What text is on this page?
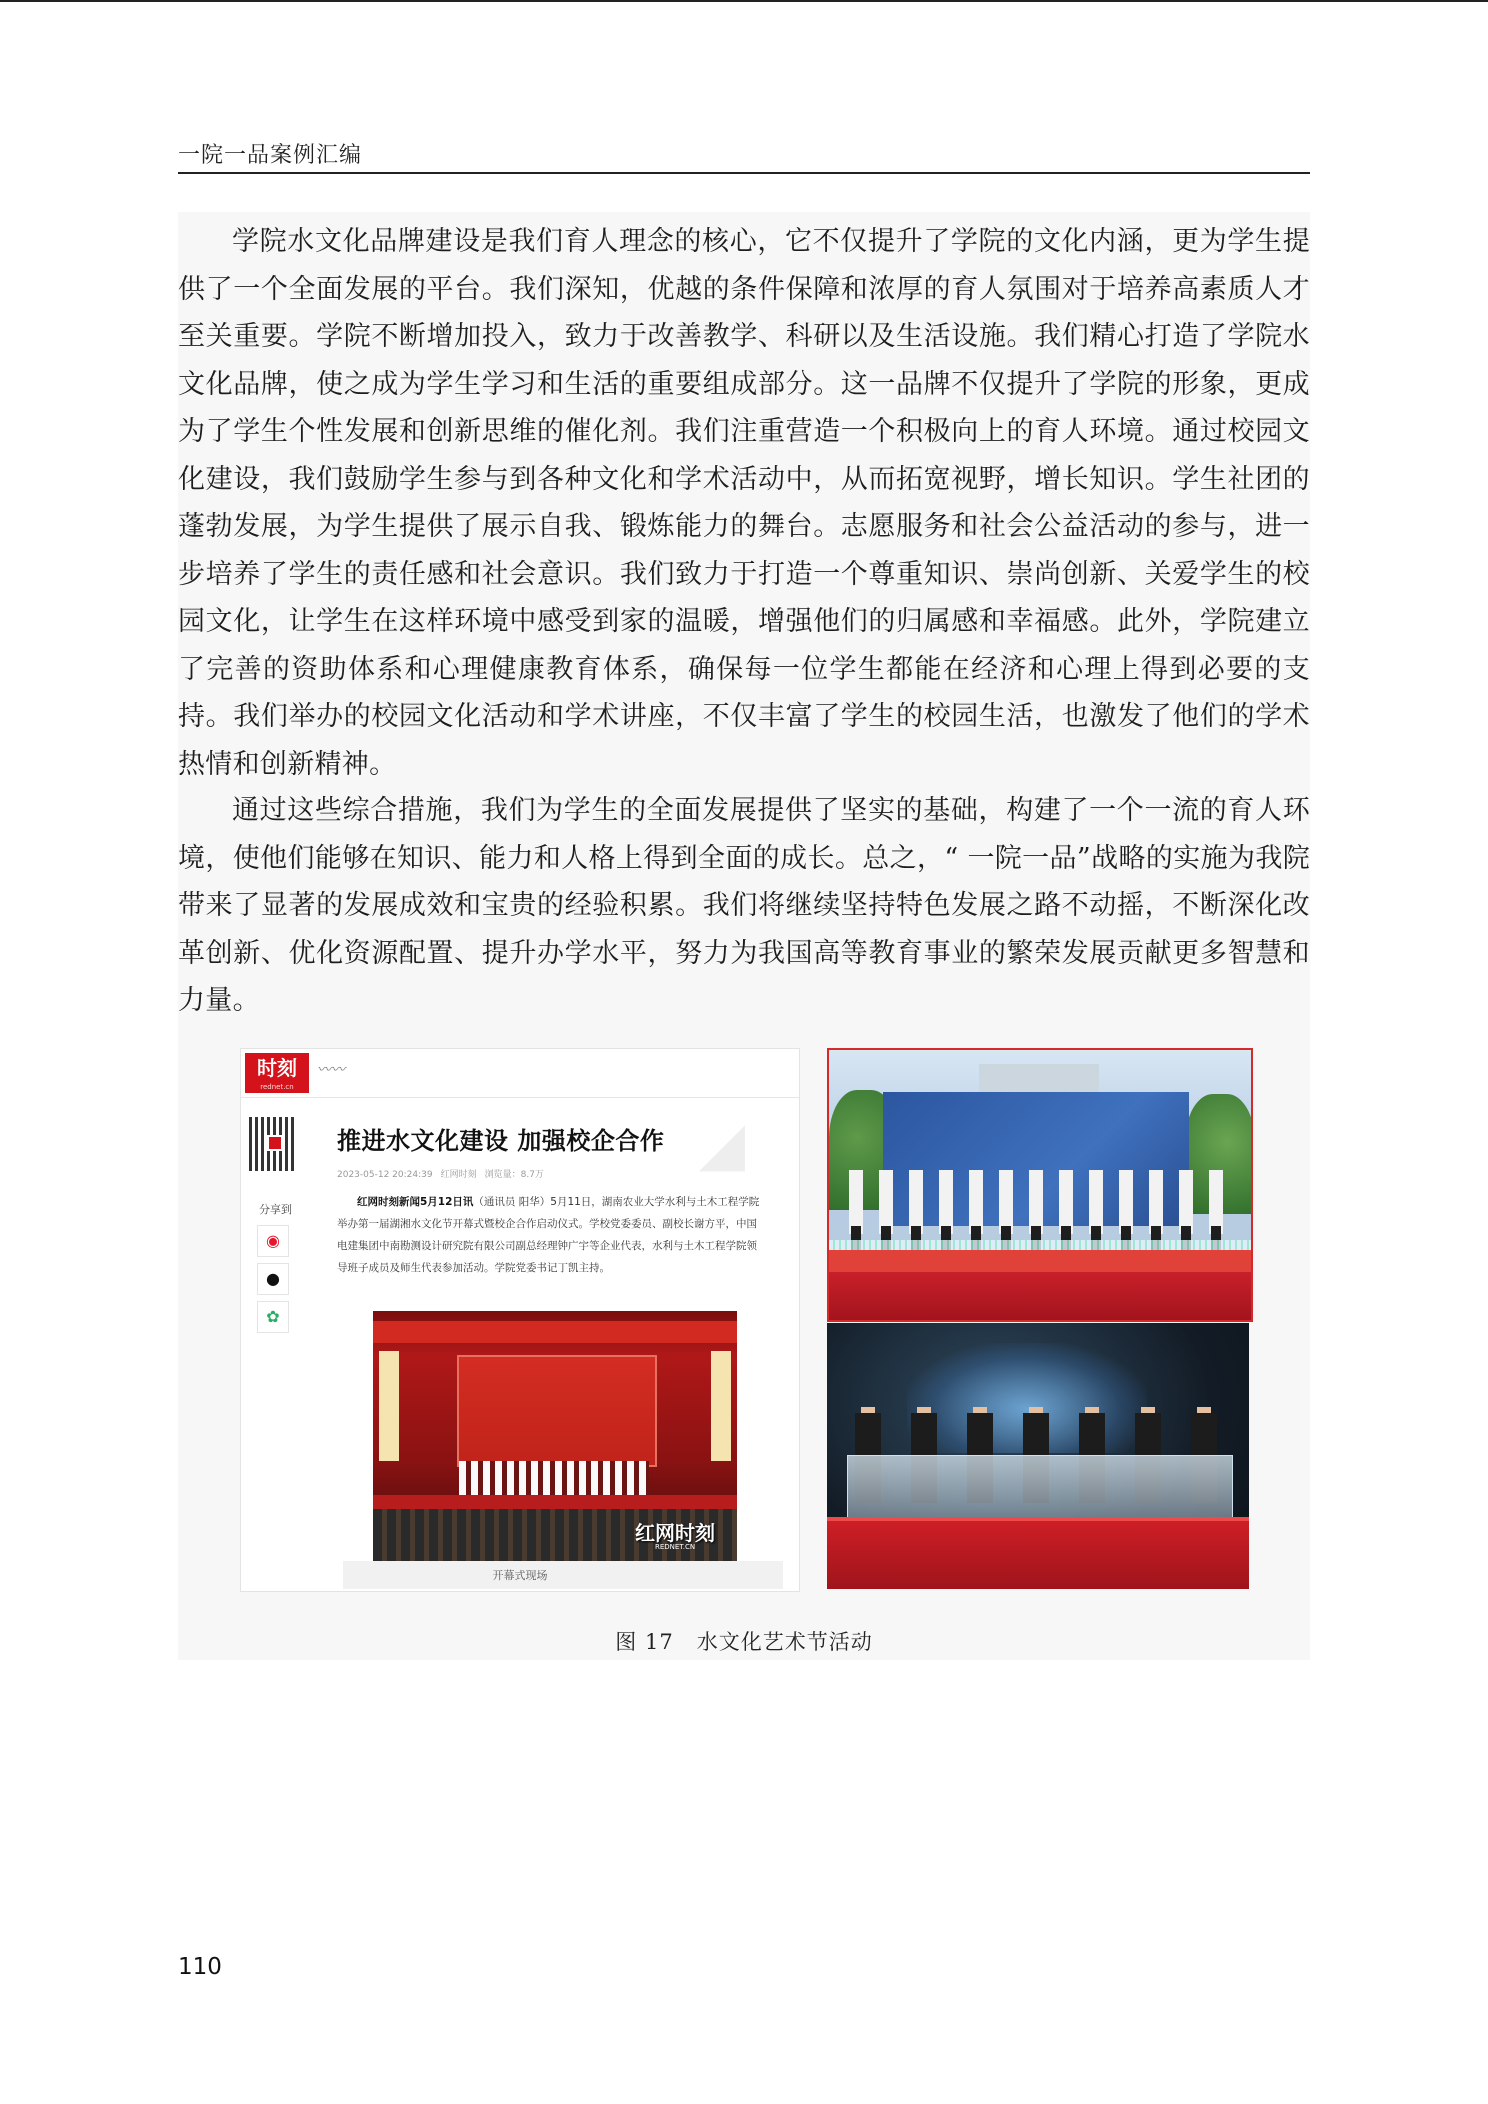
一院一品案例汇编

学院水文化品牌建设是我们育人理念的核心，它不仅提升了学院的文化内涵，更为学生提供了一个全面发展的平台。我们深知，优越的条件保障和浓厚的育人氛围对于培养高素质人才至关重要。学院不断增加投入，致力于改善教学、科研以及生活设施。我们精心打造了学院水文化品牌，使之成为学生学习和生活的重要组成部分。这一品牌不仅提升了学院的形象，更成为了学生个性发展和创新思维的催化剂。我们注重营造一个积极向上的育人环境。通过校园文化建设，我们鼓励学生参与到各种文化和学术活动中，从而拓宽视野，增长知识。学生社团的蓬勃发展，为学生提供了展示自我、锻炼能力的舞台。志愿服务和社会公益活动的参与，进一步培养了学生的责任感和社会意识。我们致力于打造一个尊重知识、崇尚创新、关爱学生的校园文化，让学生在这样环境中感受到家的温暖，增强他们的归属感和幸福感。此外，学院建立了完善的资助体系和心理健康教育体系，确保每一位学生都能在经济和心理上得到必要的支持。我们举办的校园文化活动和学术讲座，不仅丰富了学生的校园生活，也激发了他们的学术热情和创新精神。

通过这些综合措施，我们为学生的全面发展提供了坚实的基础，构建了一个一流的育人环境，使他们能够在知识、能力和人格上得到全面的成长。总之，“ 一院一品”战略的实施为我院带来了显著的发展成效和宝贵的经验积累。我们将继续坚持特色发展之路不动摇，不断深化改革创新、优化资源配置、提升办学水平，努力为我国高等教育事业的繁荣发展贡献更多智慧和力量。

时刻
rednet.cn
〰〰
分享到
◉
●
✿
◢
推进水文化建设 加强校企合作
2023-05-12 20:24:39 红网时刻 浏览量：8.7万

红网时刻新闻5月12日讯（通讯员 阳华）5月11日，湖南农业大学水利与土木工程学院举办第一届湖湘水文化节开幕式暨校企合作启动仪式。学校党委委员、副校长谢方平，中国电建集团中南勘测设计研究院有限公司副总经理钟广宇等企业代表，水利与土木工程学院领导班子成员及师生代表参加活动。学院党委书记丁凯主持。

红网时刻
REDNET.CN
开幕式现场
图 17 水文化艺术节活动
110
